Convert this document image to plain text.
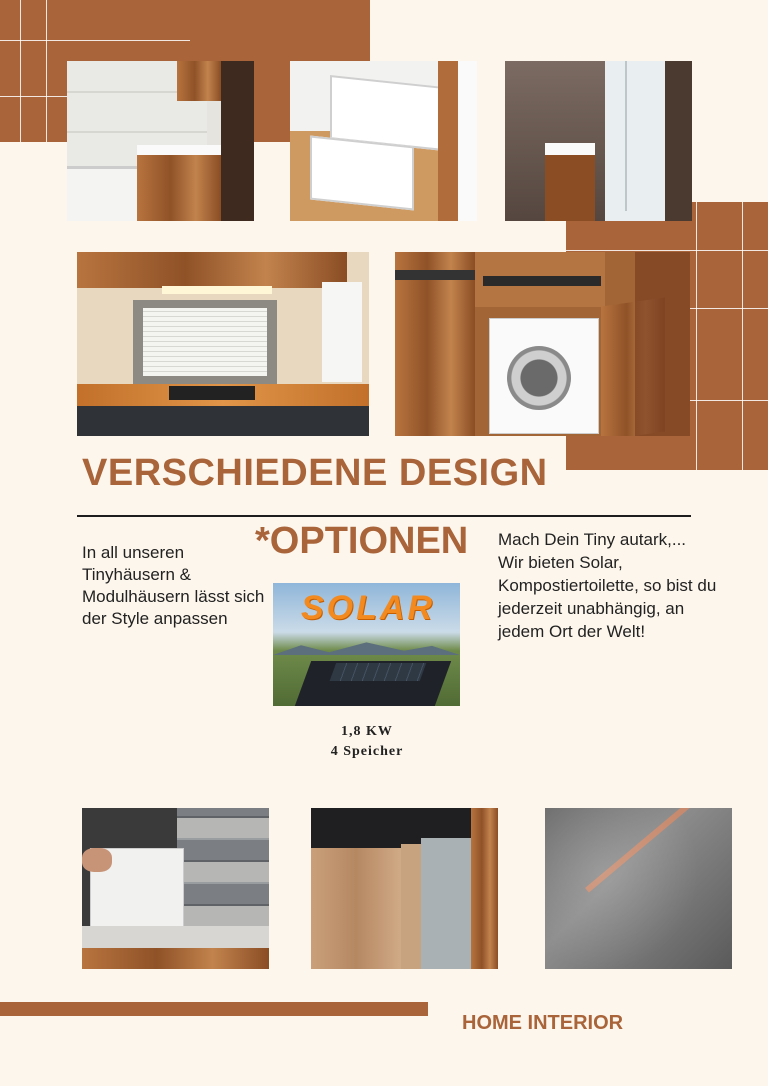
VERSCHIEDENE DESIGN
*OPTIONEN
In all unseren Tinyhäusern & Modulhäusern lässt sich der Style anpassen
Mach Dein Tiny autark,...
Wir bieten Solar, Kompostiertoilette, so bist du jederzeit unabhängig, an jedem Ort der Welt!
SOLAR
1,8 KW
4 Speicher
HOME INTERIOR
